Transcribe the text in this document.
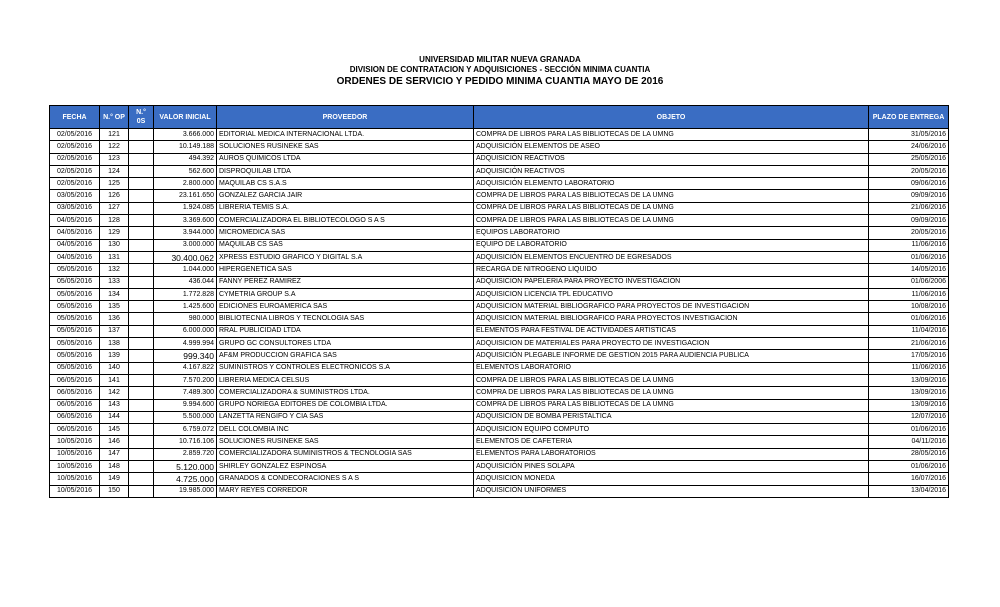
UNIVERSIDAD MILITAR NUEVA GRANADA
DIVISION DE CONTRATACION Y ADQUISICIONES - SECCIÓN MINIMA CUANTIA
ORDENES DE SERVICIO Y PEDIDO MINIMA CUANTIA MAYO DE 2016
FECHA	N.° OP	N.° 0S	VALOR INICIAL	PROVEEDOR	OBJETO	PLAZO DE ENTREGA
02/05/2016	121		3.666.000	EDITORIAL MEDICA INTERNACIONAL LTDA.	COMPRA DE LIBROS PARA LAS BIBLIOTECAS DE LA UMNG	31/05/2016
02/05/2016	122		10.149.188	SOLUCIONES RUSINEKE SAS	ADQUISICIÓN ELEMENTOS DE ASEO	24/06/2016
02/05/2016	123		494.392	AUROS QUIMICOS LTDA	ADQUISICIÓN REACTIVOS	25/05/2016
02/05/2016	124		562.600	DISPROQUILAB LTDA	ADQUISICIÓN REACTIVOS	20/05/2016
02/05/2016	125		2.800.000	MAQUILAB CS S.A.S	ADQUISICIÓN ELEMENTO LABORATORIO	09/06/2016
03/05/2016	126		23.161.650	GONZALEZ GARCIA JAIR	COMPRA DE LIBROS PARA LAS BIBLIOTECAS DE LA UMNG	09/09/2016
03/05/2016	127		1.924.085	LIBRERIA TEMIS S.A.	COMPRA DE LIBROS PARA LAS BIBLIOTECAS DE LA UMNG	21/06/2016
04/05/2016	128		3.369.600	COMERCIALIZADORA EL BIBLIOTECOLOGO S A S	COMPRA DE LIBROS PARA LAS BIBLIOTECAS DE LA UMNG	09/09/2016
04/05/2016	129		3.944.000	MICROMEDICA SAS	EQUIPOS LABORATORIO	20/05/2016
04/05/2016	130		3.000.000	MAQUILAB CS SAS	EQUIPO DE LABORATORIO	11/06/2016
04/05/2016	131		30.400.062	XPRESS ESTUDIO GRAFICO Y DIGITAL S.A	ADQUISICIÓN ELEMENTOS ENCUENTRO DE EGRESADOS	01/06/2016
05/05/2016	132		1.044.000	HIPERGENETICA SAS	RECARGA DE NITROGENO LIQUIDO	14/05/2016
05/05/2016	133		436.044	FANNY PEREZ RAMIREZ	ADQUISICION PAPELERIA PARA PROYECTO INVESTIGACION	01/06/2006
05/05/2016	134		1.772.828	CYMETRIA GROUP S.A	ADQUISICION LICENCIA TPL EDUCATIVO	11/06/2016
05/05/2016	135		1.425.600	EDICIONES EUROAMERICA SAS	ADQUISICION MATERIAL BIBLIOGRAFICO PARA PROYECTOS DE INVESTIGACION	10/08/2016
05/05/2016	136		980.000	BIBLIOTECNIA LIBROS Y TECNOLOGIA SAS	ADQUISICION MATERIAL BIBLIOGRAFICO PARA PROYECTOS INVESTIGACION	01/06/2016
05/05/2016	137		6.000.000	RRAL PUBLICIDAD LTDA	ELEMENTOS PARA FESTIVAL DE ACTIVIDADES ARTISTICAS	11/04/2016
05/05/2016	138		4.999.994	GRUPO GC CONSULTORES LTDA	ADQUISICION DE MATERIALES PARA PROYECTO DE INVESTIGACION	21/06/2016
05/05/2016	139		999.340	AF&M PRODUCCION GRAFICA SAS	ADQUISICIÓN PLEGABLE INFORME DE GESTION 2015 PARA AUDIENCIA PUBLICA	17/05/2016
05/05/2016	140		4.167.822	SUMINISTROS Y CONTROLES ELECTRONICOS S.A	ELEMENTOS LABORATORIO	11/06/2016
06/05/2016	141		7.570.200	LIBRERIA MEDICA CELSUS	COMPRA DE LIBROS PARA LAS BIBLIOTECAS DE LA UMNG	13/09/2016
06/05/2016	142		7.489.300	COMERCIALIZADORA & SUMINISTROS LTDA.	COMPRA DE LIBROS PARA LAS BIBLIOTECAS DE LA UMNG	13/09/2016
06/05/2016	143		9.994.600	GRUPO NORIEGA EDITORES DE COLOMBIA LTDA.	COMPRA DE LIBROS PARA LAS BIBLIOTECAS DE LA UMNG	13/09/2016
06/05/2016	144		5.500.000	LANZETTA RENGIFO Y CIA SAS	ADQUISICIÓN DE BOMBA PERISTALTICA	12/07/2016
06/05/2016	145		6.759.072	DELL COLOMBIA INC	ADQUISICION EQUIPO COMPUTO	01/06/2016
10/05/2016	146		10.716.106	SOLUCIONES RUSINEKE SAS	ELEMENTOS DE CAFETERIA	04/11/2016
10/05/2016	147		2.859.720	COMERCIALIZADORA SUMINISTROS & TECNOLOGIA SAS	ELEMENTOS PARA LABORATORIOS	28/05/2016
10/05/2016	148		5.120.000	SHIRLEY GONZALEZ ESPINOSA	ADQUISICIÓN PINES SOLAPA	01/06/2016
10/05/2016	149		4.725.000	GRANADOS & CONDECORACIONES S A S	ADQUISICION MONEDA	16/07/2016
10/05/2016	150		19.985.000	MARY REYES CORREDOR	ADQUISICIÓN UNIFORMES	13/04/2016
